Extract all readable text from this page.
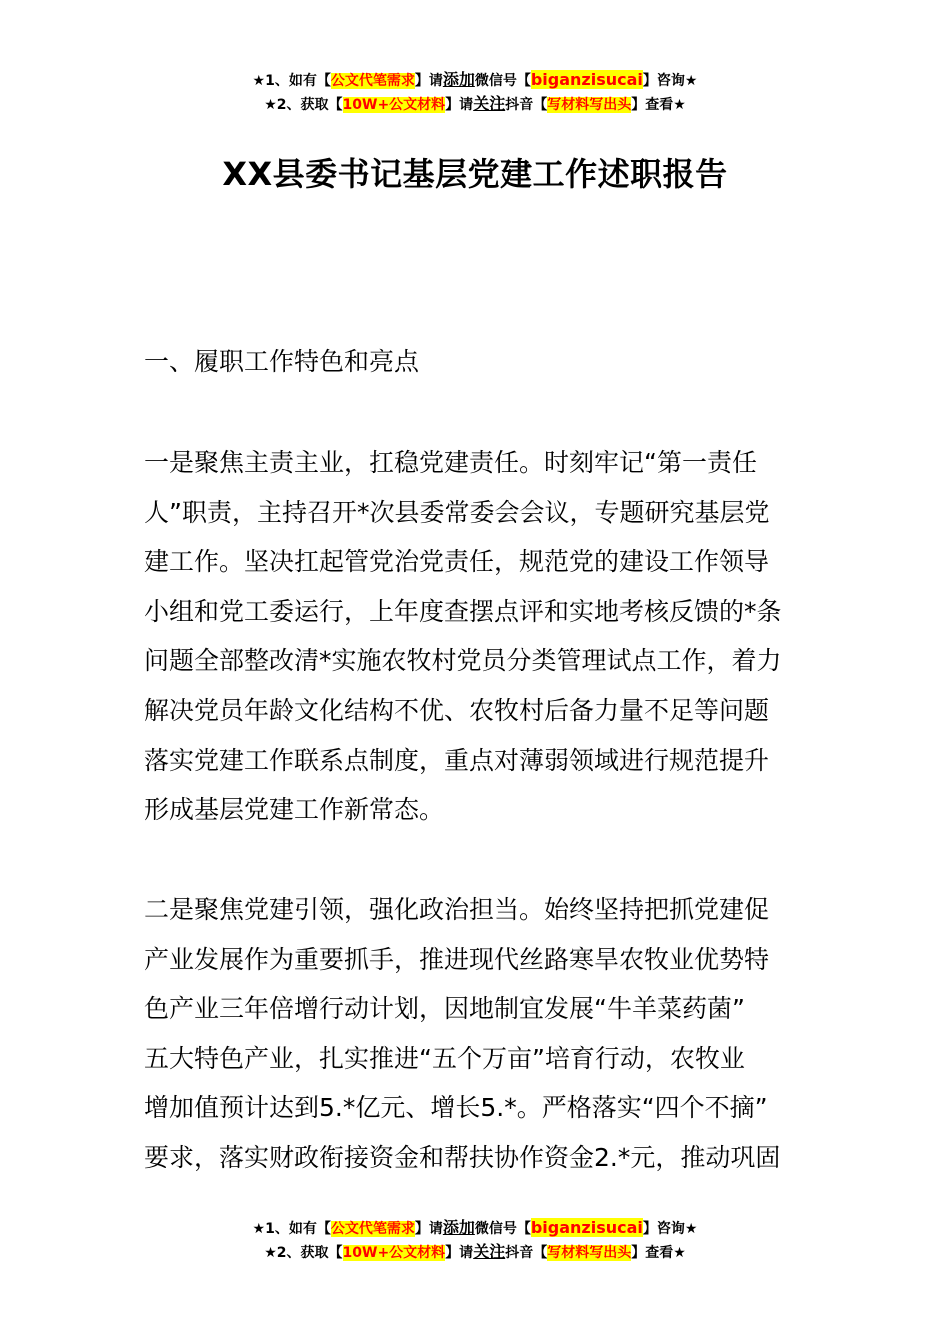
★1、如有【公文代笔需求】请添加微信号【biganzisucai】咨询★
★2、获取【10W+公文材料】请关注抖音【写材料写出头】查看★
XX县委书记基层党建工作述职报告
一、履职工作特色和亮点
一是聚焦主责主业，扛稳党建责任。时刻牢记“第一责任
人”职责，主持召开*次县委常委会会议，专题研究基层党
建工作。坚决扛起管党治党责任，规范党的建设工作领导
小组和党工委运行，上年度查摆点评和实地考核反馈的*条
问题全部整改清*实施农牧村党员分类管理试点工作，着力
解决党员年龄文化结构不优、农牧村后备力量不足等问题
落实党建工作联系点制度，重点对薄弱领域进行规范提升
形成基层党建工作新常态。
二是聚焦党建引领，强化政治担当。始终坚持把抓党建促
产业发展作为重要抓手，推进现代丝路寒旱农牧业优势特
色产业三年倍增行动计划，因地制宜发展“牛羊菜药菌”
五大特色产业，扎实推进“五个万亩”培育行动，农牧业
增加值预计达到5.*亿元、增长5.*。严格落实“四个不摘”
要求，落实财政衔接资金和帮扶协作资金2.*元，推动巩固
★1、如有【公文代笔需求】请添加微信号【biganzisucai】咨询★
★2、获取【10W+公文材料】请关注抖音【写材料写出头】查看★
